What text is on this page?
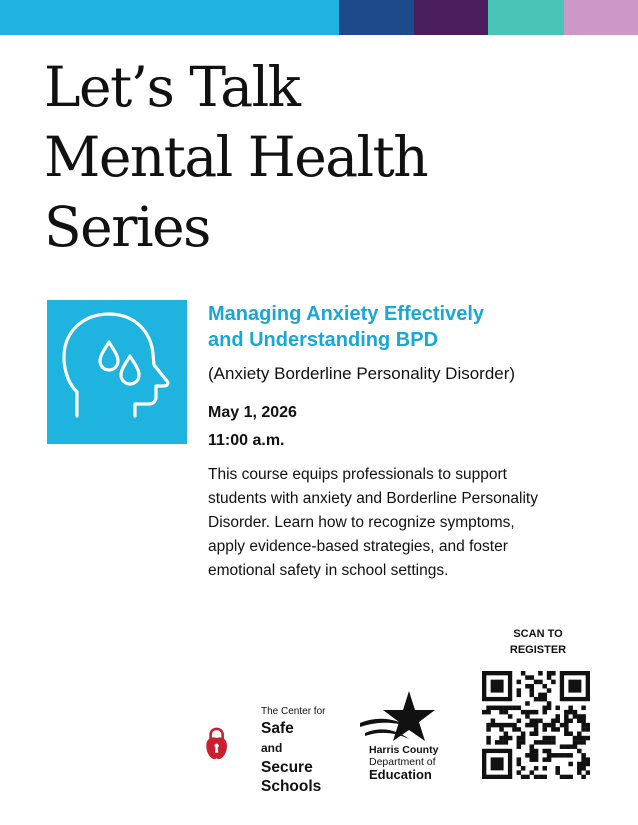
Let’s Talk
Mental Health
Series
Managing Anxiety Effectively
and Understanding BPD
(Anxiety Borderline Personality Disorder)
May 1, 2026
11:00 a.m.
This course equips professionals to support
students with anxiety and Borderline Personality
Disorder. Learn how to recognize symptoms,
apply evidence-based strategies, and foster
emotional safety in school settings.
SCAN TO
REGISTER
The Center for
Safe
and
Secure
Schools
Harris County
Department of
Education
